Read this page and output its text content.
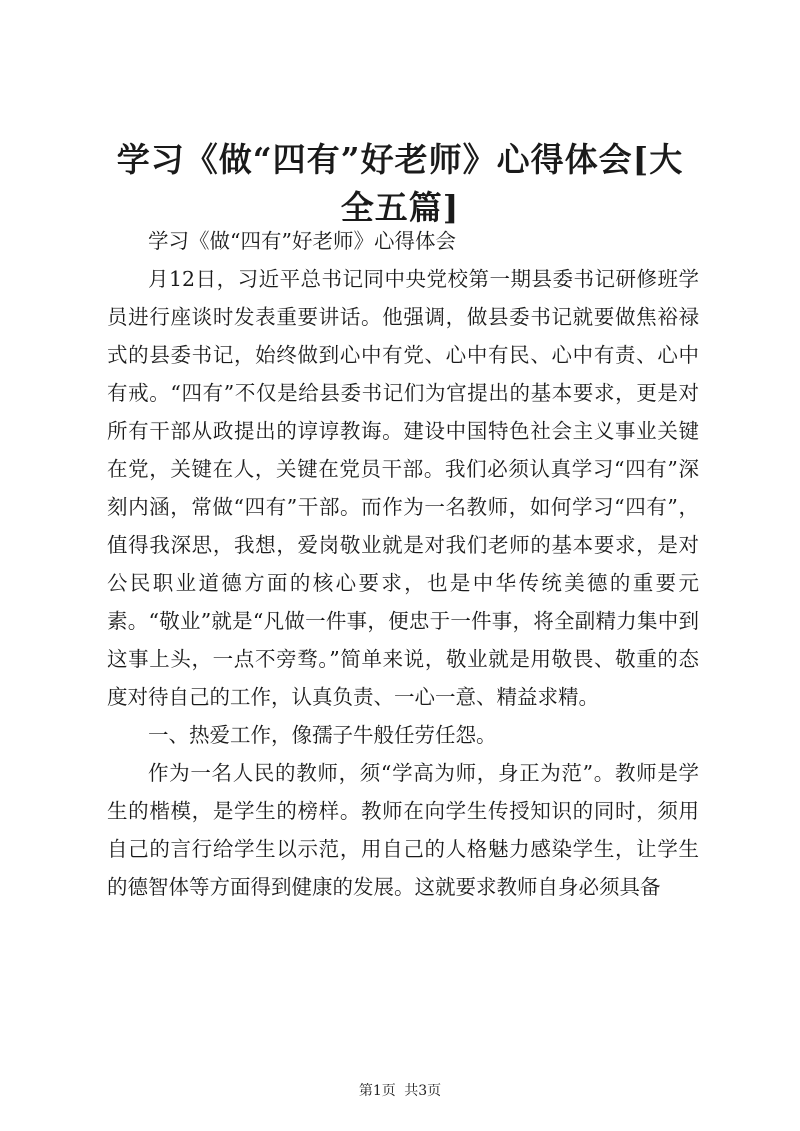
学习《做“四有”好老师》心得体会[大全五篇]

学习《做“四有”好老师》心得体会

月12日，习近平总书记同中央党校第一期县委书记研修班学员进行座谈时发表重要讲话。他强调，做县委书记就要做焦裕禄式的县委书记，始终做到心中有党、心中有民、心中有责、心中有戒。“四有”不仅是给县委书记们为官提出的基本要求，更是对所有干部从政提出的谆谆教诲。建设中国特色社会主义事业关键在党，关键在人，关键在党员干部。我们必须认真学习“四有”深刻内涵，常做“四有”干部。而作为一名教师，如何学习“四有”，值得我深思，我想，爱岗敬业就是对我们老师的基本要求，是对公民职业道德方面的核心要求，也是中华传统美德的重要元素。“敬业”就是“凡做一件事，便忠于一件事，将全副精力集中到这事上头，一点不旁骛。”简单来说，敬业就是用敬畏、敬重的态度对待自己的工作，认真负责、一心一意、精益求精。

一、热爱工作，像孺子牛般任劳任怨。

作为一名人民的教师，须“学高为师，身正为范”。教师是学生的楷模，是学生的榜样。教师在向学生传授知识的同时，须用自己的言行给学生以示范，用自己的人格魅力感染学生，让学生的德智体等方面得到健康的发展。这就要求教师自身必须具备

第1页 共3页
